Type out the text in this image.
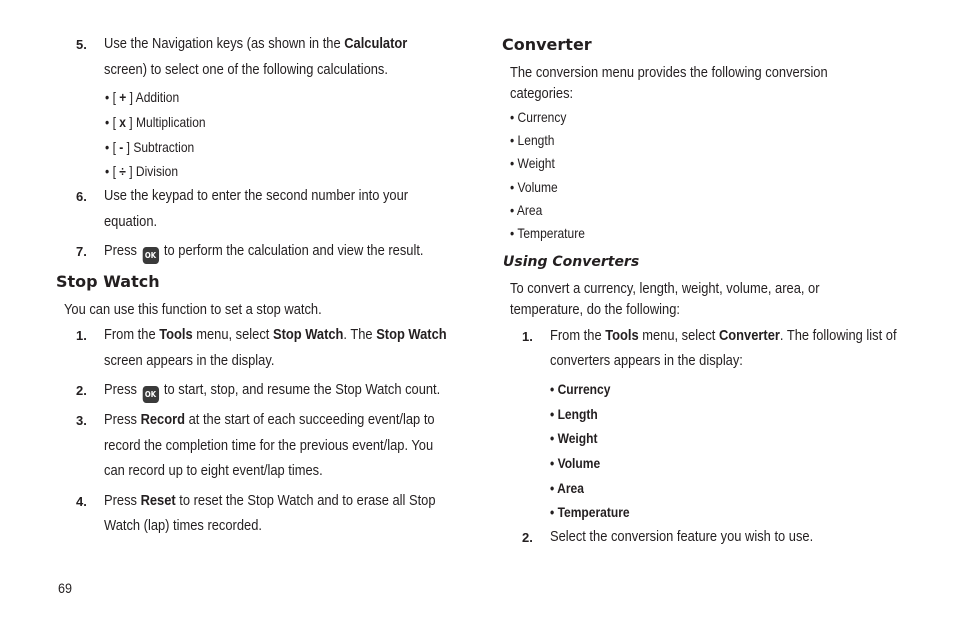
5. Use the Navigation keys (as shown in the Calculator
screen) to select one of the following calculations.
• [ + ] Addition
• [ x ] Multiplication
• [ - ] Subtraction
• [ ÷ ] Division
6. Use the keypad to enter the second number into your
equation.
7. Press OK to perform the calculation and view the result.
Stop Watch
You can use this function to set a stop watch.
1. From the Tools menu, select Stop Watch. The Stop Watch
screen appears in the display.
2. Press OK to start, stop, and resume the Stop Watch count.
3. Press Record at the start of each succeeding event/lap to
record the completion time for the previous event/lap. You
can record up to eight event/lap times.
4. Press Reset to reset the Stop Watch and to erase all Stop
Watch (lap) times recorded.
Converter
The conversion menu provides the following conversion
categories:
• Currency
• Length
• Weight
• Volume
• Area
• Temperature
Using Converters
To convert a currency, length, weight, volume, area, or
temperature, do the following:
1. From the Tools menu, select Converter. The following list of
converters appears in the display:
• Currency
• Length
• Weight
• Volume
• Area
• Temperature
2. Select the conversion feature you wish to use.
69
